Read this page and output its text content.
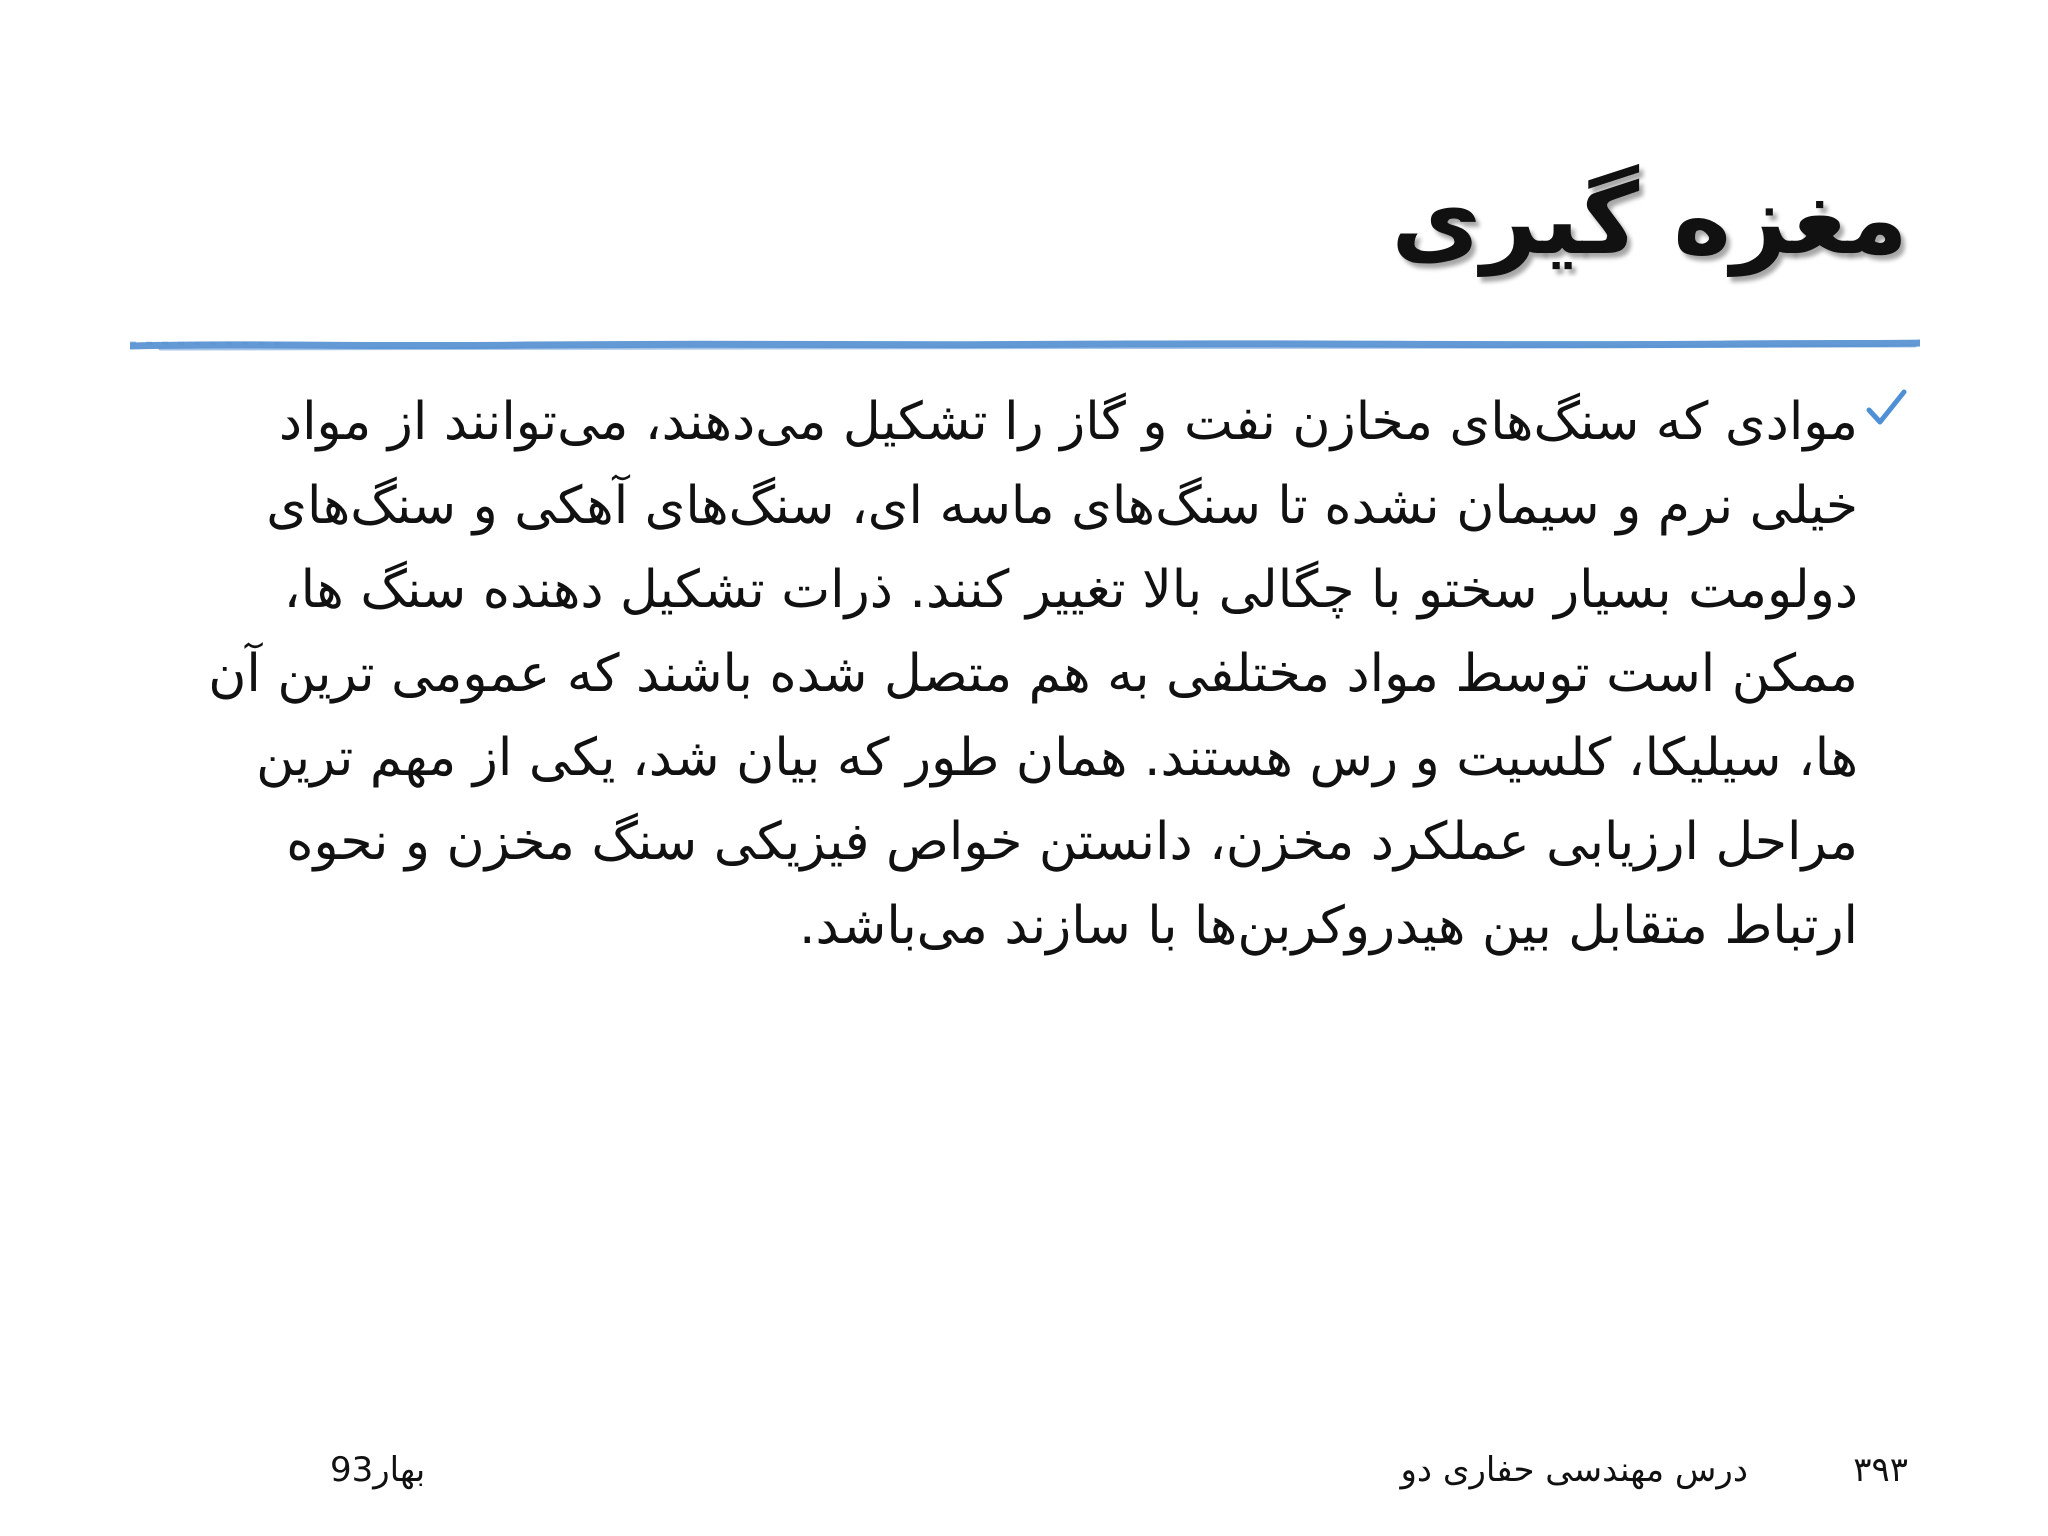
مغزه گیری

موادی که سنگ‌های مخازن نفت و گاز را تشکیل می‌دهند، می‌توانند از مواد خیلی نرم و سیمان نشده تا سنگ‌های ماسه ای، سنگ‌های آهکی و سنگ‌های دولومت بسیار سختو با چگالی بالا تغییر کنند. ذرات تشکیل دهنده سنگ ها، ممکن است توسط مواد مختلفی به هم متصل شده باشند که عمومی ترین آن ها، سیلیکا، کلسیت و رس هستند. همان طور که بیان شد، یکی از مهم ترین مراحل ارزیابی عملکرد مخزن، دانستن خواص فیزیکی سنگ مخزن و نحوه ارتباط متقابل بین هیدروکربن‌ها با سازند می‌باشد.

۳۹۳
درس مهندسی حفاری دو
بهار93
